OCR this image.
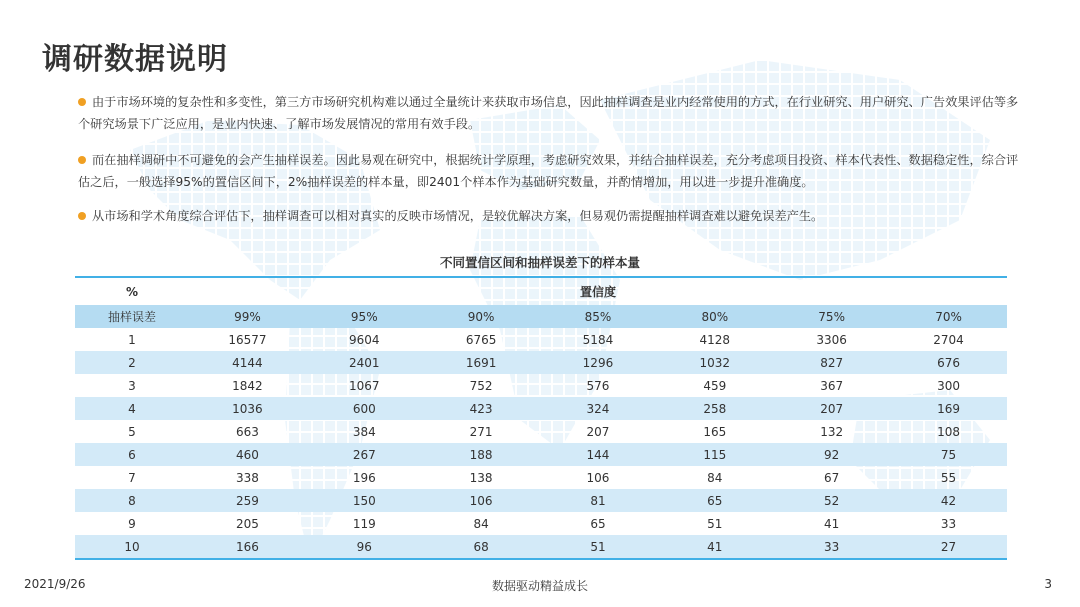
调研数据说明
由于市场环境的复杂性和多变性，第三方市场研究机构难以通过全量统计来获取市场信息，因此抽样调查是业内经常使用的方式，在行业研究、用户研究、广告效果评估等多个研究场景下广泛应用，是业内快速、了解市场发展情况的常用有效手段。
而在抽样调研中不可避免的会产生抽样误差。因此易观在研究中，根据统计学原理，考虑研究效果，并结合抽样误差，充分考虑项目投资、样本代表性、数据稳定性，综合评估之后，一般选择95%的置信区间下，2%抽样误差的样本量，即2401个样本作为基础研究数量，并酌情增加，用以进一步提升准确度。
从市场和学术角度综合评估下，抽样调查可以相对真实的反映市场情况，是较优解决方案，但易观仍需提醒抽样调查难以避免误差产生。
不同置信区间和抽样误差下的样本量
%	置信度						
抽样误差	99%	95%	90%	85%	80%	75%	70%
1	16577	9604	6765	5184	4128	3306	2704
2	4144	2401	1691	1296	1032	827	676
3	1842	1067	752	576	459	367	300
4	1036	600	423	324	258	207	169
5	663	384	271	207	165	132	108
6	460	267	188	144	115	92	75
7	338	196	138	106	84	67	55
8	259	150	106	81	65	52	42
9	205	119	84	65	51	41	33
10	166	96	68	51	41	33	27
2021/9/26	数据驱动精益成长	3
